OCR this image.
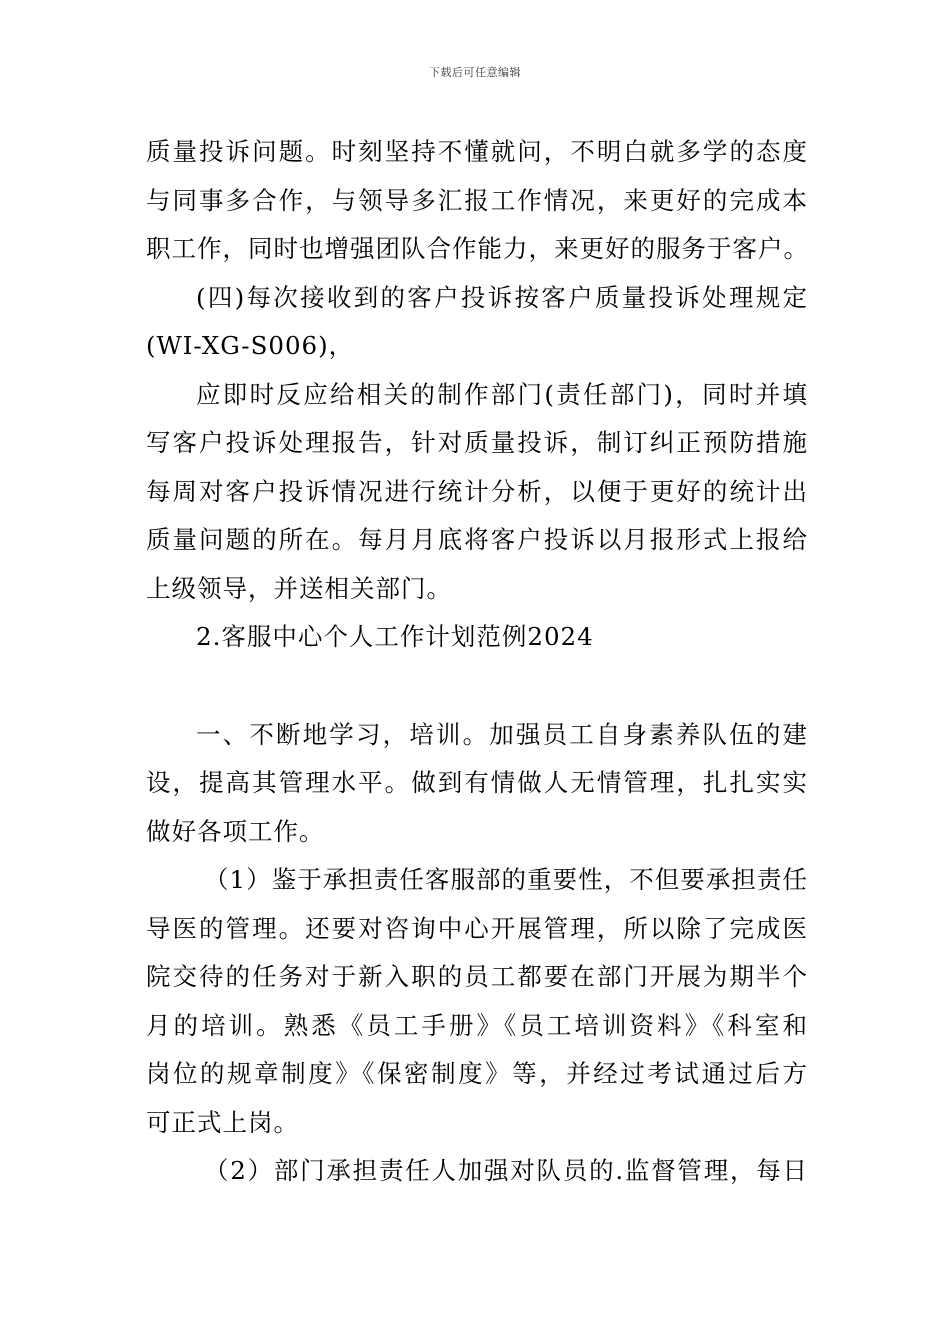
下载后可任意编辑
质量投诉问题。时刻坚持不懂就问，不明白就多学的态度
与同事多合作，与领导多汇报工作情况，来更好的完成本
职工作，同时也增强团队合作能力，来更好的服务于客户。
(四)每次接收到的客户投诉按客户质量投诉处理规定
(WI-XG-S006)，
应即时反应给相关的制作部门(责任部门)，同时并填
写客户投诉处理报告，针对质量投诉，制订纠正预防措施
每周对客户投诉情况进行统计分析，以便于更好的统计出
质量问题的所在。每月月底将客户投诉以月报形式上报给
上级领导，并送相关部门。
2.客服中心个人工作计划范例2024
一、不断地学习，培训。加强员工自身素养队伍的建
设，提高其管理水平。做到有情做人无情管理，扎扎实实
做好各项工作。
（1）鉴于承担责任客服部的重要性，不但要承担责任
导医的管理。还要对咨询中心开展管理，所以除了完成医
院交待的任务对于新入职的员工都要在部门开展为期半个
月的培训。熟悉《员工手册》《员工培训资料》《科室和
岗位的规章制度》《保密制度》等，并经过考试通过后方
可正式上岗。
（2）部门承担责任人加强对队员的.监督管理，每日
